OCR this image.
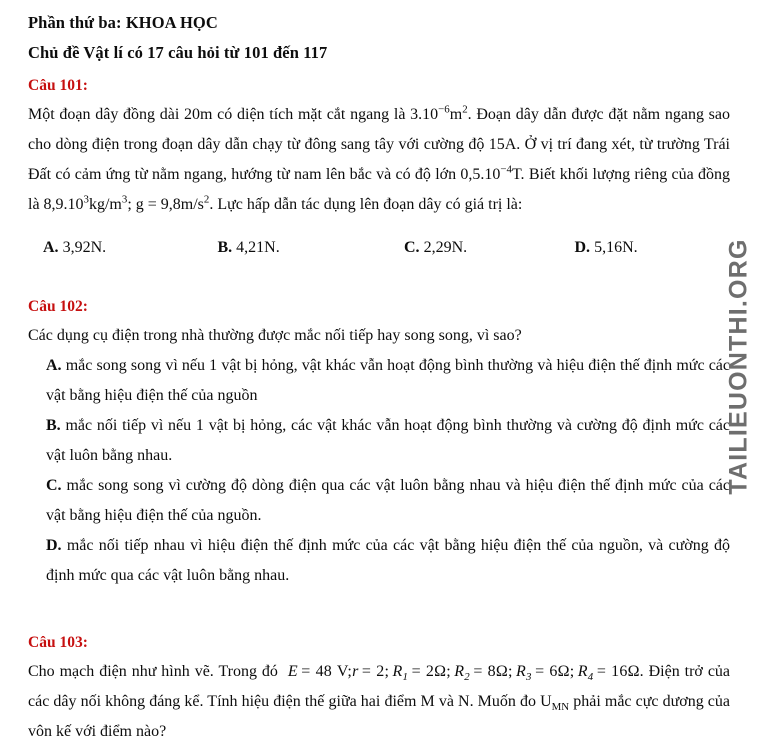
Phần thứ ba: KHOA HỌC
Chủ đề Vật lí có 17 câu hỏi từ 101 đến 117
Câu 101:
Một đoạn dây đồng dài 20m có diện tích mặt cắt ngang là $3.10^{-6}m^2$. Đoạn dây dẫn được đặt nằm ngang sao cho dòng điện trong đoạn dây dẫn chạy từ đông sang tây với cường độ 15A. Ở vị trí đang xét, từ trường Trái Đất có cảm ứng từ nằm ngang, hướng từ nam lên bắc và có độ lớn $0,5.10^{-4}T$. Biết khối lượng riêng của đồng là $8,9.10^3kg/m^3$; $g = 9,8m/s^2$. Lực hấp dẫn tác dụng lên đoạn dây có giá trị là:
A. 3,92N.	B. 4,21N.	C. 2,29N.	D. 5,16N.
Câu 102:
Các dụng cụ điện trong nhà thường được mắc nối tiếp hay song song, vì sao?
A. mắc song song vì nếu 1 vật bị hỏng, vật khác vẫn hoạt động bình thường và hiệu điện thế định mức các vật bằng hiệu điện thế của nguồn
B. mắc nối tiếp vì nếu 1 vật bị hỏng, các vật khác vẫn hoạt động bình thường và cường độ định mức các vật luôn bằng nhau.
C. mắc song song vì cường độ dòng điện qua các vật luôn bằng nhau và hiệu điện thế định mức của các vật bằng hiệu điện thế của nguồn.
D. mắc nối tiếp nhau vì hiệu điện thế định mức của các vật bằng hiệu điện thế của nguồn, và cường độ định mức qua các vật luôn bằng nhau.
Câu 103:
Cho mạch điện như hình vẽ. Trong đó E  = 48 V;r  = 2;  $R_1 = 2\Omega$;  $R_2 = 8\Omega$;  $R_3 = 6\Omega$;  $R_4 = 16\Omega$. Điện trở của các dây nối không đáng kể. Tính hiệu điện thế giữa hai điểm M và N. Muốn đo $U_{MN}$ phải mắc cực dương của vôn kế với điểm nào?
TAILIEUONTHI.ORG
